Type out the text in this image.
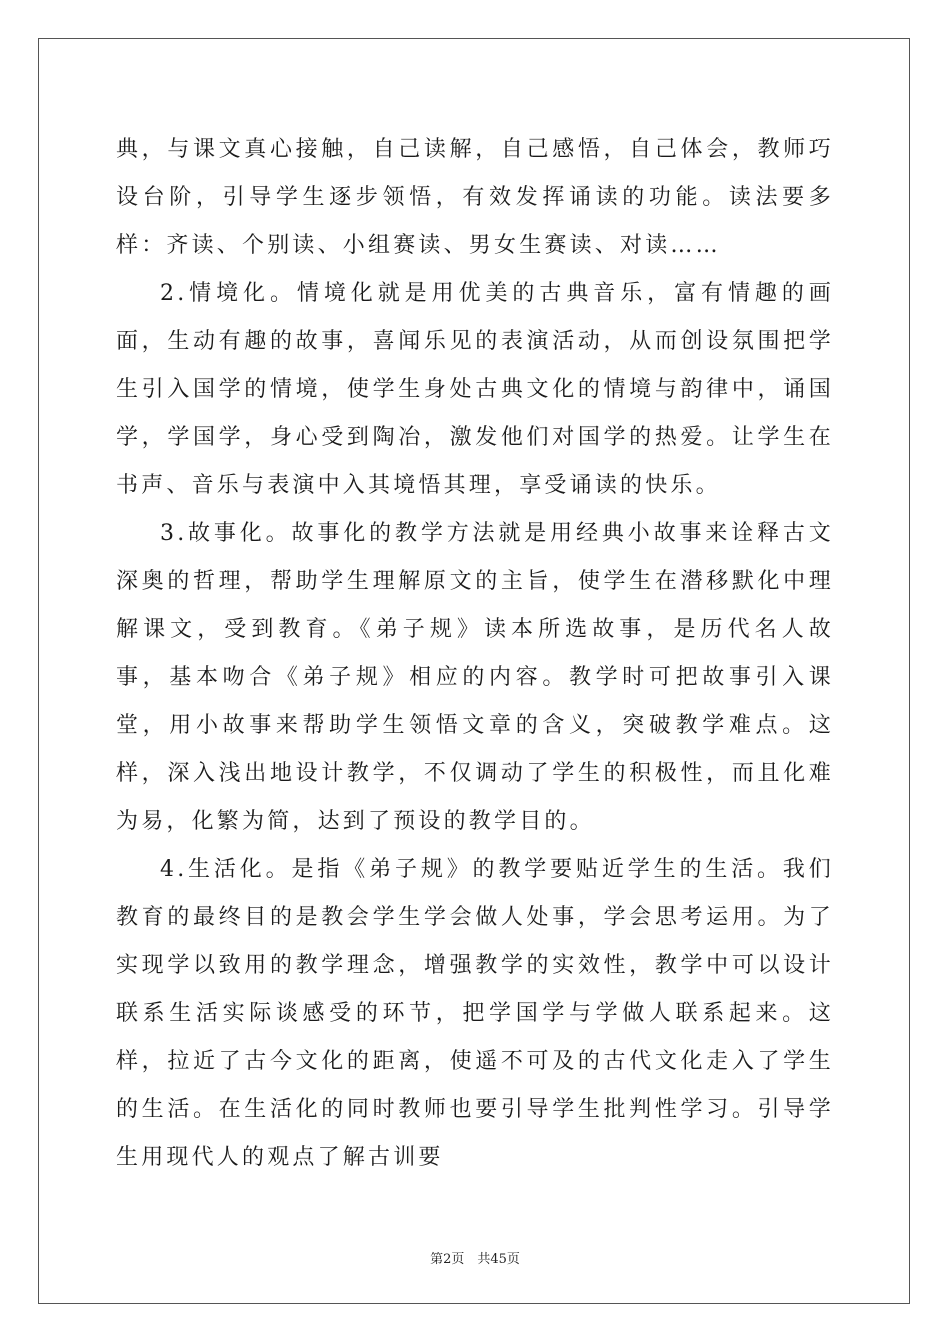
典，与课文真心接触，自己读解，自己感悟，自己体会，教师巧设台阶，引导学生逐步领悟，有效发挥诵读的功能。读法要多样：齐读、个别读、小组赛读、男女生赛读、对读……

2.情境化。情境化就是用优美的古典音乐，富有情趣的画面，生动有趣的故事，喜闻乐见的表演活动，从而创设氛围把学生引入国学的情境，使学生身处古典文化的情境与韵律中，诵国学，学国学，身心受到陶冶，激发他们对国学的热爱。让学生在书声、音乐与表演中入其境悟其理，享受诵读的快乐。

3.故事化。故事化的教学方法就是用经典小故事来诠释古文深奥的哲理，帮助学生理解原文的主旨，使学生在潜移默化中理解课文，受到教育。《弟子规》读本所选故事，是历代名人故事，基本吻合《弟子规》相应的内容。教学时可把故事引入课堂，用小故事来帮助学生领悟文章的含义，突破教学难点。这样，深入浅出地设计教学，不仅调动了学生的积极性，而且化难为易，化繁为简，达到了预设的教学目的。

4.生活化。是指《弟子规》的教学要贴近学生的生活。我们教育的最终目的是教会学生学会做人处事，学会思考运用。为了实现学以致用的教学理念，增强教学的实效性，教学中可以设计联系生活实际谈感受的环节，把学国学与学做人联系起来。这样，拉近了古今文化的距离，使遥不可及的古代文化走入了学生的生活。在生活化的同时教师也要引导学生批判性学习。引导学生用现代人的观点了解古训要

第2页　共45页
